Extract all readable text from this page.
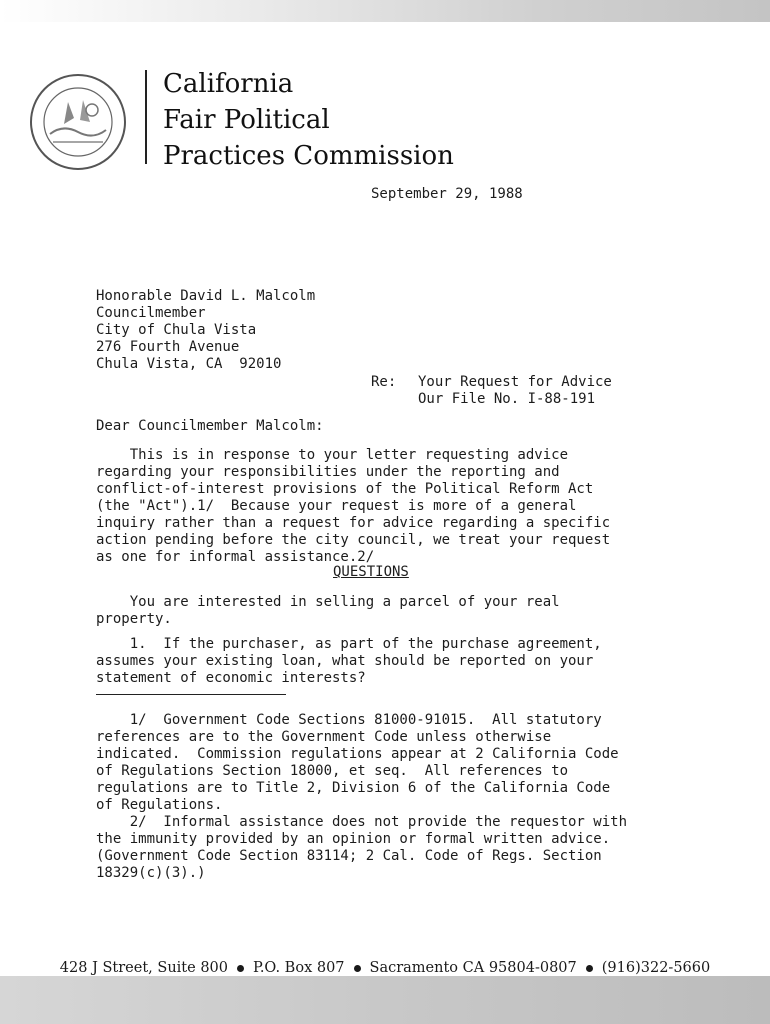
California
Fair Political
Practices Commission
September 29, 1988
Honorable David L. Malcolm
Councilmember
City of Chula Vista
276 Fourth Avenue
Chula Vista, CA  92010
Re: Your Request for Advice
Our File No. I-88-191
Dear Councilmember Malcolm:
This is in response to your letter requesting advice
regarding your responsibilities under the reporting and
conflict-of-interest provisions of the Political Reform Act
(the "Act").1/  Because your request is more of a general
inquiry rather than a request for advice regarding a specific
action pending before the city council, we treat your request
as one for informal assistance.2/
QUESTIONS
You are interested in selling a parcel of your real
property.
1.  If the purchaser, as part of the purchase agreement,
assumes your existing loan, what should be reported on your
statement of economic interests?
1/  Government Code Sections 81000-91015.  All statutory
references are to the Government Code unless otherwise
indicated.  Commission regulations appear at 2 California Code
of Regulations Section 18000, et seq.  All references to
regulations are to Title 2, Division 6 of the California Code
of Regulations.
2/  Informal assistance does not provide the requestor with
the immunity provided by an opinion or formal written advice.
(Government Code Section 83114; 2 Cal. Code of Regs. Section
18329(c)(3).)
428 J Street, Suite 800 P.O. Box 807 Sacramento CA 95804-0807 (916)322-5660
